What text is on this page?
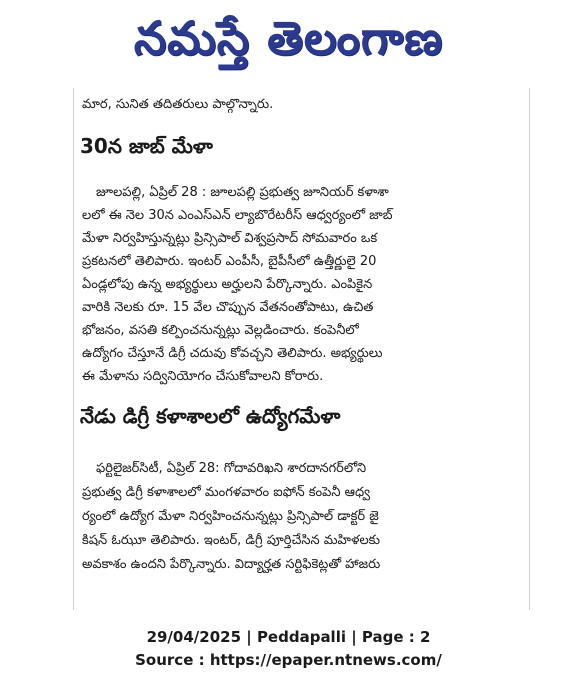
నమస్తే తెలంగాణ
మార, సునిత తదితరులు పాల్గొన్నారు.
30న జాబ్ మేళా
జూలపల్లి, ఏప్రిల్ 28 : జూలపల్లి ప్రభుత్వ జూనియర్ కళాశా
లలో ఈ నెల 30న ఎంఎస్ఎన్ ల్యాబొరేటరీస్ ఆధ్వర్యంలో జాబ్
మేళా నిర్వహిస్తున్నట్లు ప్రిన్సిపాల్ విశ్వప్రసాద్ సోమవారం ఒక
ప్రకటనలో తెలిపారు. ఇంటర్ ఎంపీసీ, బైపీసీలో ఉత్తీర్ణులై 20
ఏండ్లలోపు ఉన్న అభ్యర్థులు అర్హులని పేర్కొన్నారు. ఎంపికైన
వారికి నెలకు రూ. 15 వేల చొప్పున వేతనంతోపాటు, ఉచిత
భోజనం, వసతి కల్పించనున్నట్లు వెల్లడించారు. కంపెనీలో
ఉద్యోగం చేస్తూనే డిగ్రీ చదువు కోవచ్చని తెలిపారు. అభ్యర్థులు
ఈ మేళాను సద్వినియోగం చేసుకోవాలని కోరారు.
నేడు డిగ్రీ కళాశాలలో ఉద్యోగమేళా
ఫర్టిలైజర్‌సిటీ, ఏప్రిల్ 28: గోదావరిఖని శారదానగర్‌లోని
ప్రభుత్వ డిగ్రీ కళాశాలలో మంగళవారం ఐఫోన్ కంపెనీ ఆధ్వ
ర్యంలో ఉద్యోగ మేళా నిర్వహించనున్నట్లు ప్రిన్సిపాల్ డాక్టర్ జై
కిషన్ ఓఝూ తెలిపారు. ఇంటర్, డిగ్రీ పూర్తిచేసిన మహిళలకు
అవకాశం ఉందని పేర్కొన్నారు. విద్యార్హత సర్టిఫికెట్లతో హాజరు
29/04/2025 | Peddapalli | Page : 2
Source : https://epaper.ntnews.com/
